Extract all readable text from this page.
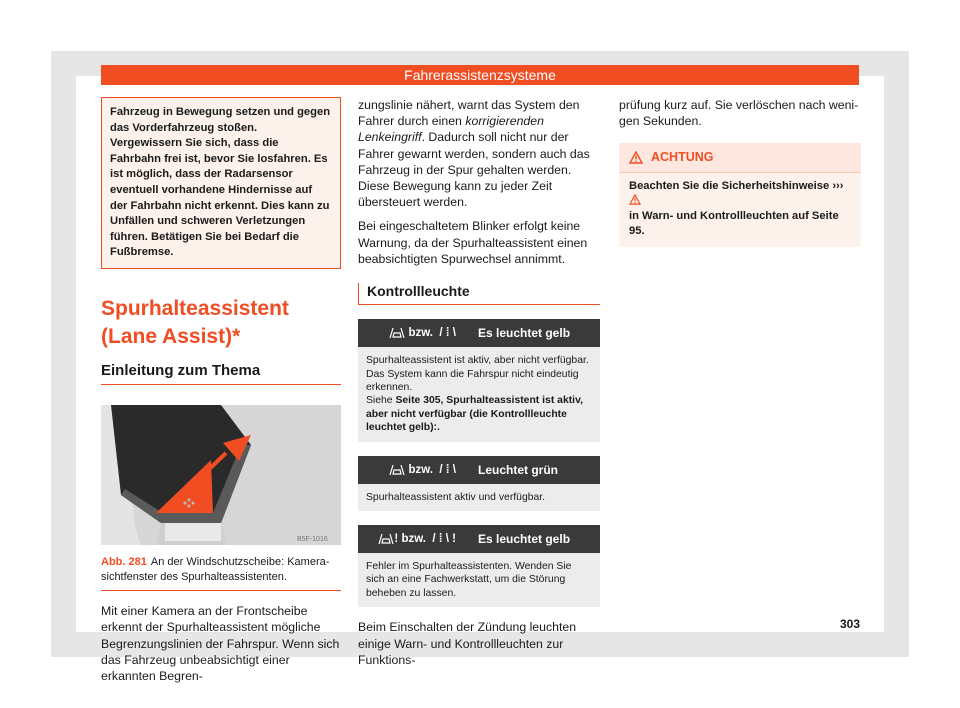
Fahrerassistenzsysteme
Fahrzeug in Bewegung setzen und gegen das Vorderfahrzeug stoßen. Vergewissern Sie sich, dass die Fahrbahn frei ist, bevor Sie losfahren. Es ist möglich, dass der Radarsensor eventuell vorhandene Hindernisse auf der Fahrbahn nicht erkennt. Dies kann zu Unfällen und schweren Verletzungen führen. Betätigen Sie bei Bedarf die Fußbremse.
Spurhalteassistent (Lane Assist)*
Einleitung zum Thema
B5F-1016
Abb. 281 An der Windschutzscheibe: Kamerasichtfenster des Spurhalteassistenten.

Mit einer Kamera an der Frontscheibe erkennt der Spurhalteassistent mögliche Begrenzungslinien der Fahrspur. Wenn sich das Fahrzeug unbeabsichtigt einer erkannten Begren-

zungslinie nähert, warnt das System den Fahrer durch einen korrigierenden Lenkeingriff. Dadurch soll nicht nur der Fahrer gewarnt werden, sondern auch das Fahrzeug in der Spur gehalten werden. Diese Bewegung kann zu jeder Zeit übersteuert werden.

Bei eingeschaltetem Blinker erfolgt keine Warnung, da der Spurhalteassistent einen beabsichtigten Spurwechsel annimmt.

Kontrollleuchte
bzw.  / ⁞ \	Es leuchtet gelb
Spurhalteassistent ist aktiv, aber nicht verfügbar. Das System kann die Fahrspur nicht eindeutig erkennen.
Siehe Seite 305, Spurhalteassistent ist aktiv, aber nicht verfügbar (die Kontrollleuchte leuchtet gelb):.
bzw.  / ⁞ \	Leuchtet grün
Spurhalteassistent aktiv und verfügbar.
! bzw.  / ⁞ \ !	Es leuchtet gelb
Fehler im Spurhalteassistenten. Wenden Sie sich an eine Fachwerkstatt, um die Störung beheben zu lassen.

Beim Einschalten der Zündung leuchten einige Warn- und Kontrollleuchten zur Funktions-

prüfung kurz auf. Sie verlöschen nach wenigen Sekunden.

ACHTUNG
Beachten Sie die Sicherheitshinweise ›››
in Warn- und Kontrollleuchten auf Seite 95.
303
